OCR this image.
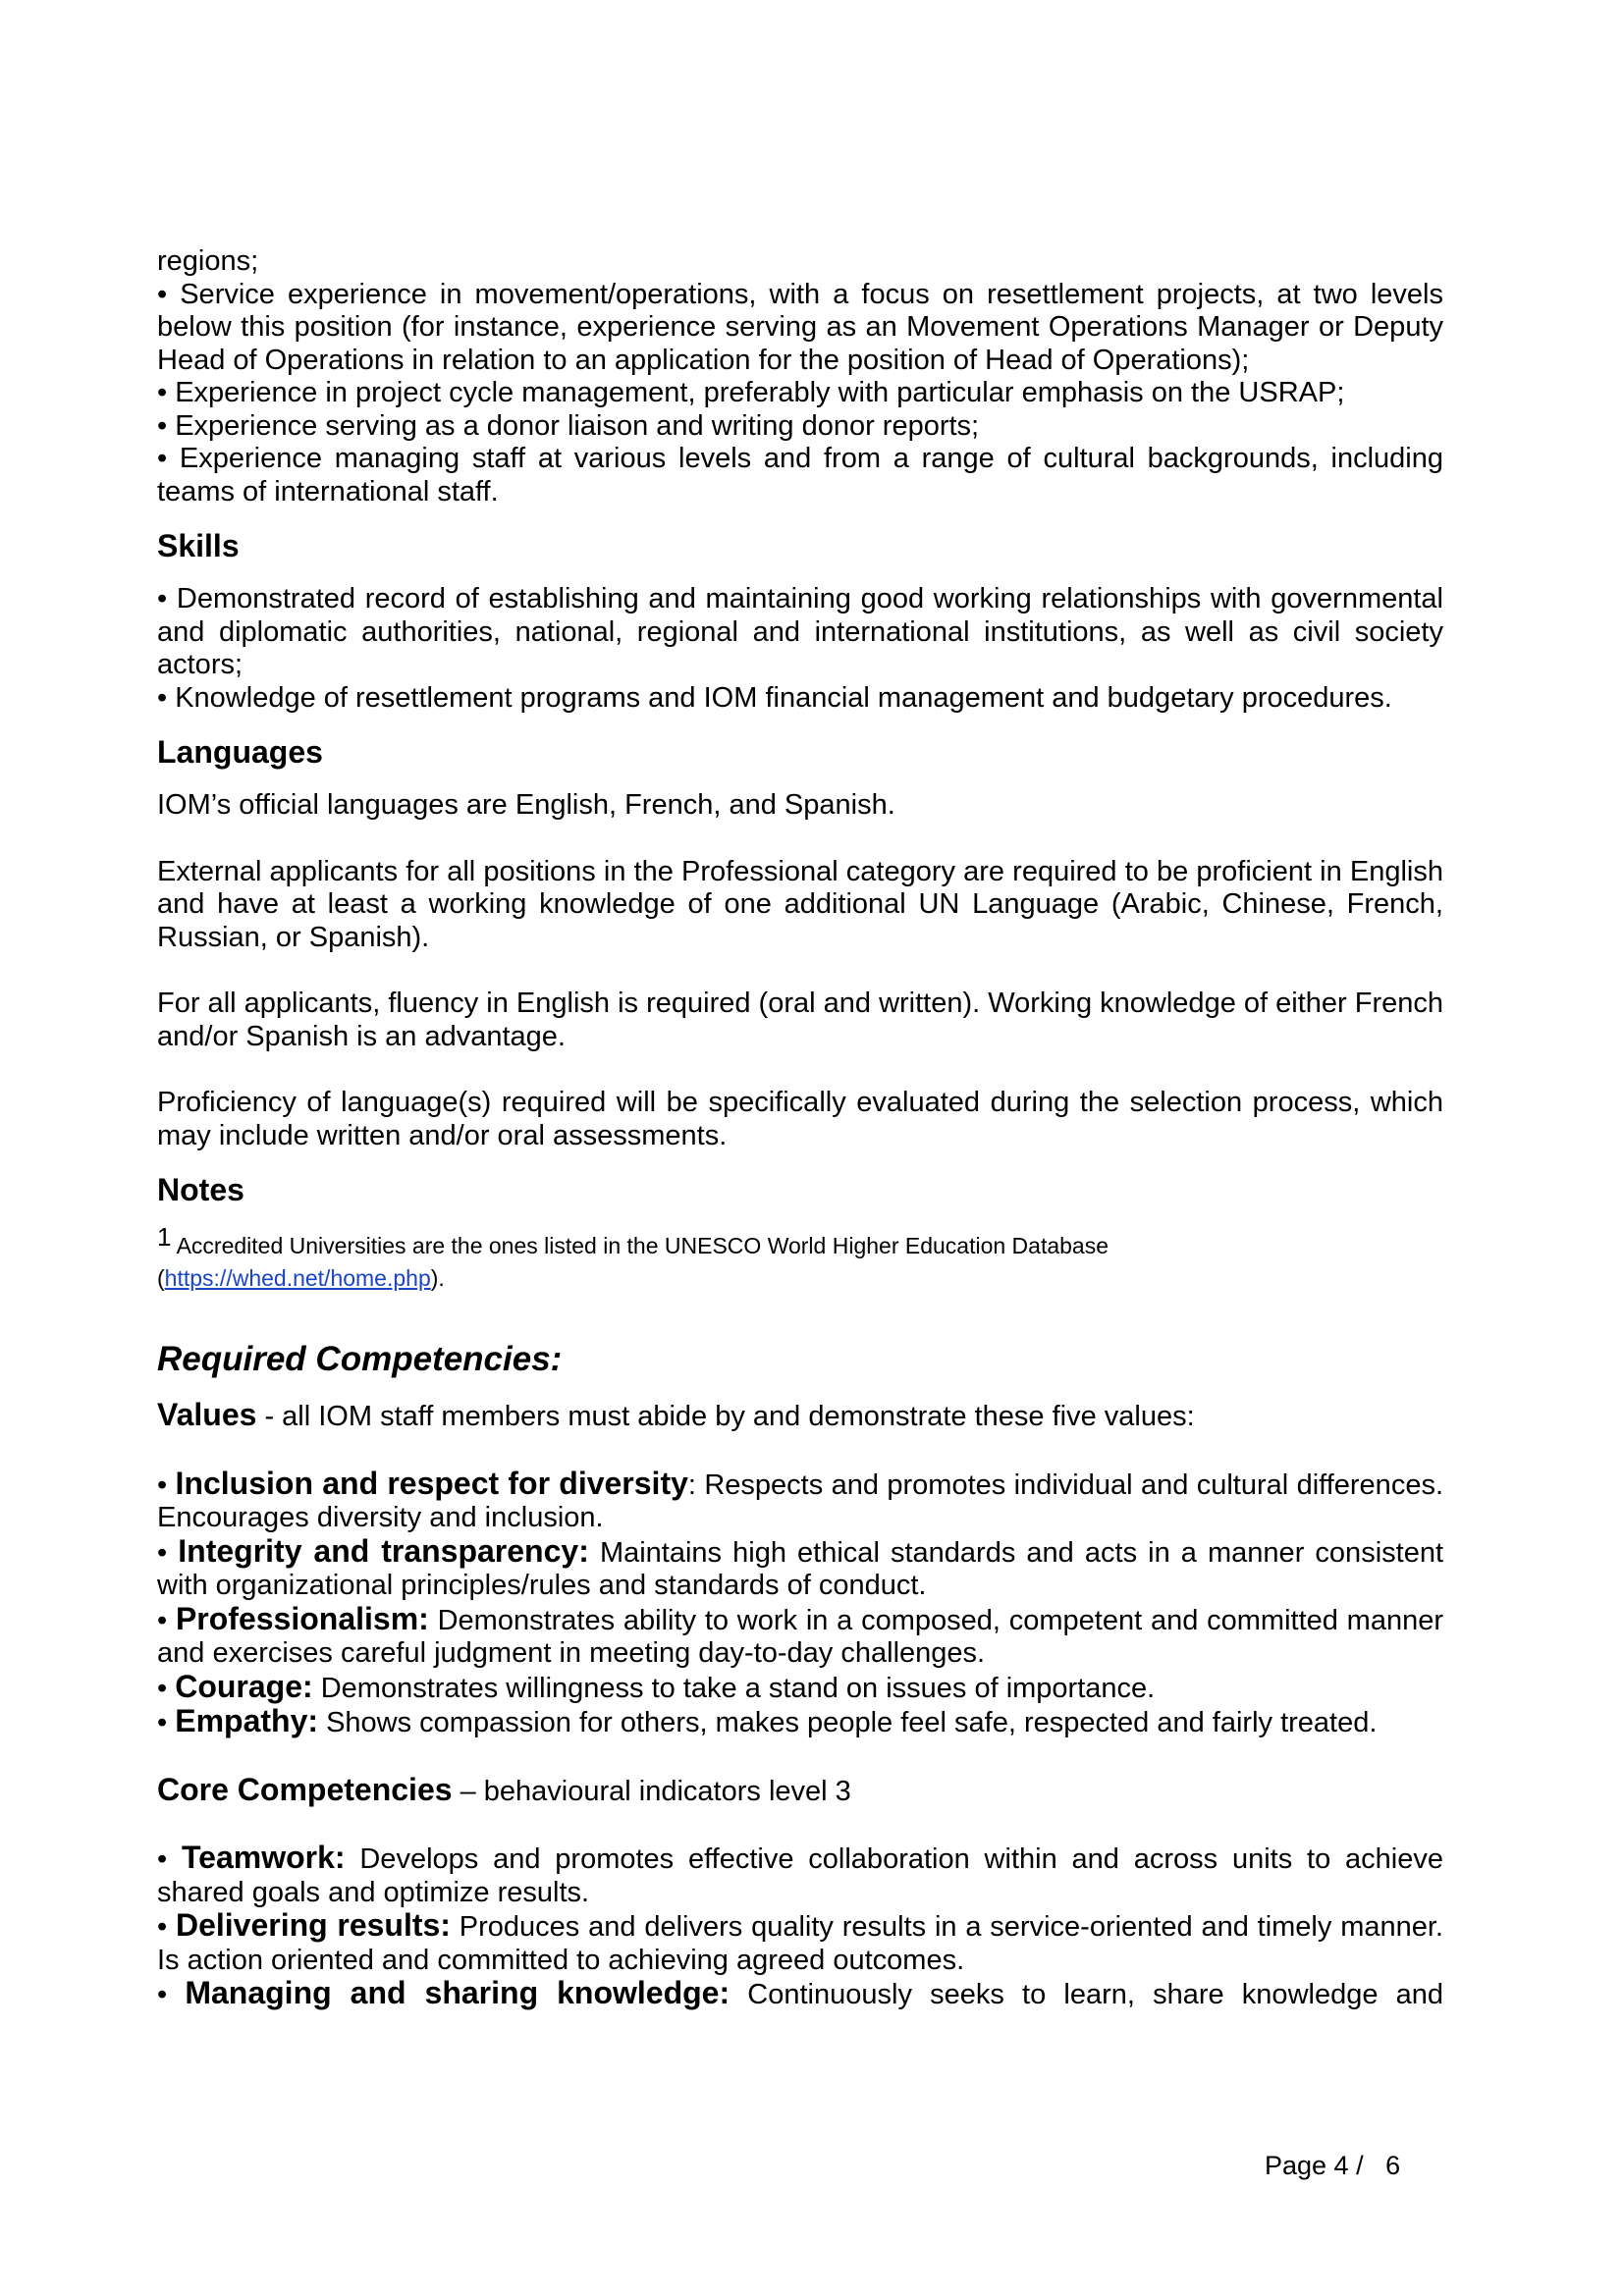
regions;

• Service experience in movement/operations, with a focus on resettlement projects, at two levels below this position (for instance, experience serving as an Movement Operations Manager or Deputy Head of Operations in relation to an application for the position of Head of Operations);

• Experience in project cycle management, preferably with particular emphasis on the USRAP;

• Experience serving as a donor liaison and writing donor reports;

• Experience managing staff at various levels and from a range of cultural backgrounds, including teams of international staff.

Skills

• Demonstrated record of establishing and maintaining good working relationships with governmental and diplomatic authorities, national, regional and international institutions, as well as civil society actors;

• Knowledge of resettlement programs and IOM financial management and budgetary procedures.

Languages

IOM’s official languages are English, French, and Spanish.

External applicants for all positions in the Professional category are required to be proficient in English and have at least a working knowledge of one additional UN Language (Arabic, Chinese, French, Russian, or Spanish).

For all applicants, fluency in English is required (oral and written). Working knowledge of either French and/or Spanish is an advantage.

Proficiency of language(s) required will be specifically evaluated during the selection process, which may include written and/or oral assessments.

Notes

$^1$ Accredited Universities are the ones listed in the UNESCO World Higher Education Database

(https://whed.net/home.php).

Required Competencies:

Values - all IOM staff members must abide by and demonstrate these five values:

• Inclusion and respect for diversity: Respects and promotes individual and cultural differences. Encourages diversity and inclusion.

• Integrity and transparency: Maintains high ethical standards and acts in a manner consistent with organizational principles/rules and standards of conduct.

• Professionalism: Demonstrates ability to work in a composed, competent and committed manner and exercises careful judgment in meeting day-to-day challenges.

• Courage: Demonstrates willingness to take a stand on issues of importance.

• Empathy: Shows compassion for others, makes people feel safe, respected and fairly treated.

Core Competencies – behavioural indicators level 3

• Teamwork: Develops and promotes effective collaboration within and across units to achieve shared goals and optimize results.

• Delivering results: Produces and delivers quality results in a service-oriented and timely manner. Is action oriented and committed to achieving agreed outcomes.

• Managing and sharing knowledge: Continuously seeks to learn, share knowledge and

Page 4 /   6
